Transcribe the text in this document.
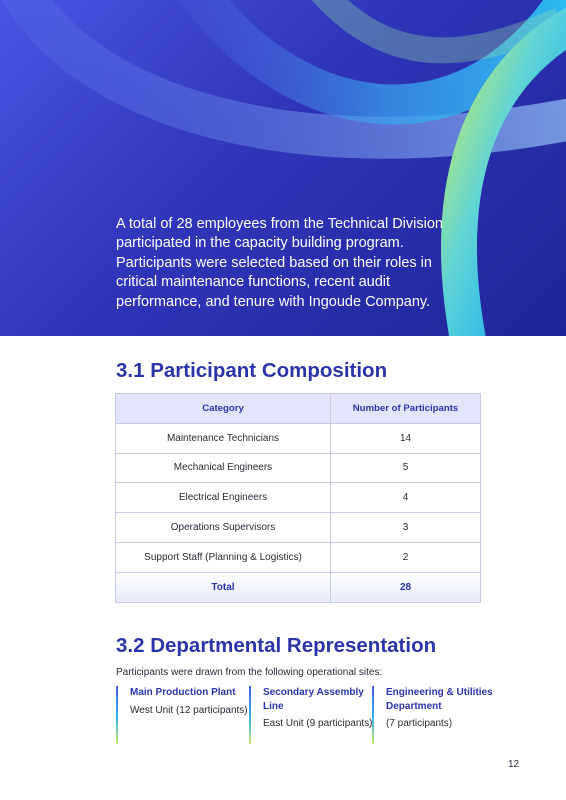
A total of 28 employees from the Technical Division participated in the capacity building program. Participants were selected based on their roles in critical maintenance functions, recent audit performance, and tenure with Ingoude Company.

3.1 Participant Composition
Category	Number of Participants
Maintenance Technicians	14
Mechanical Engineers	5
Electrical Engineers	4
Operations Supervisors	3
Support Staff (Planning & Logistics)	2
Total	28
3.2 Departmental Representation
Participants were drawn from the following operational sites:
Main Production Plant
West Unit (12 participants)
Secondary Assembly Line
East Unit (9 participants)
Engineering & Utilities Department
(7 participants)
12
